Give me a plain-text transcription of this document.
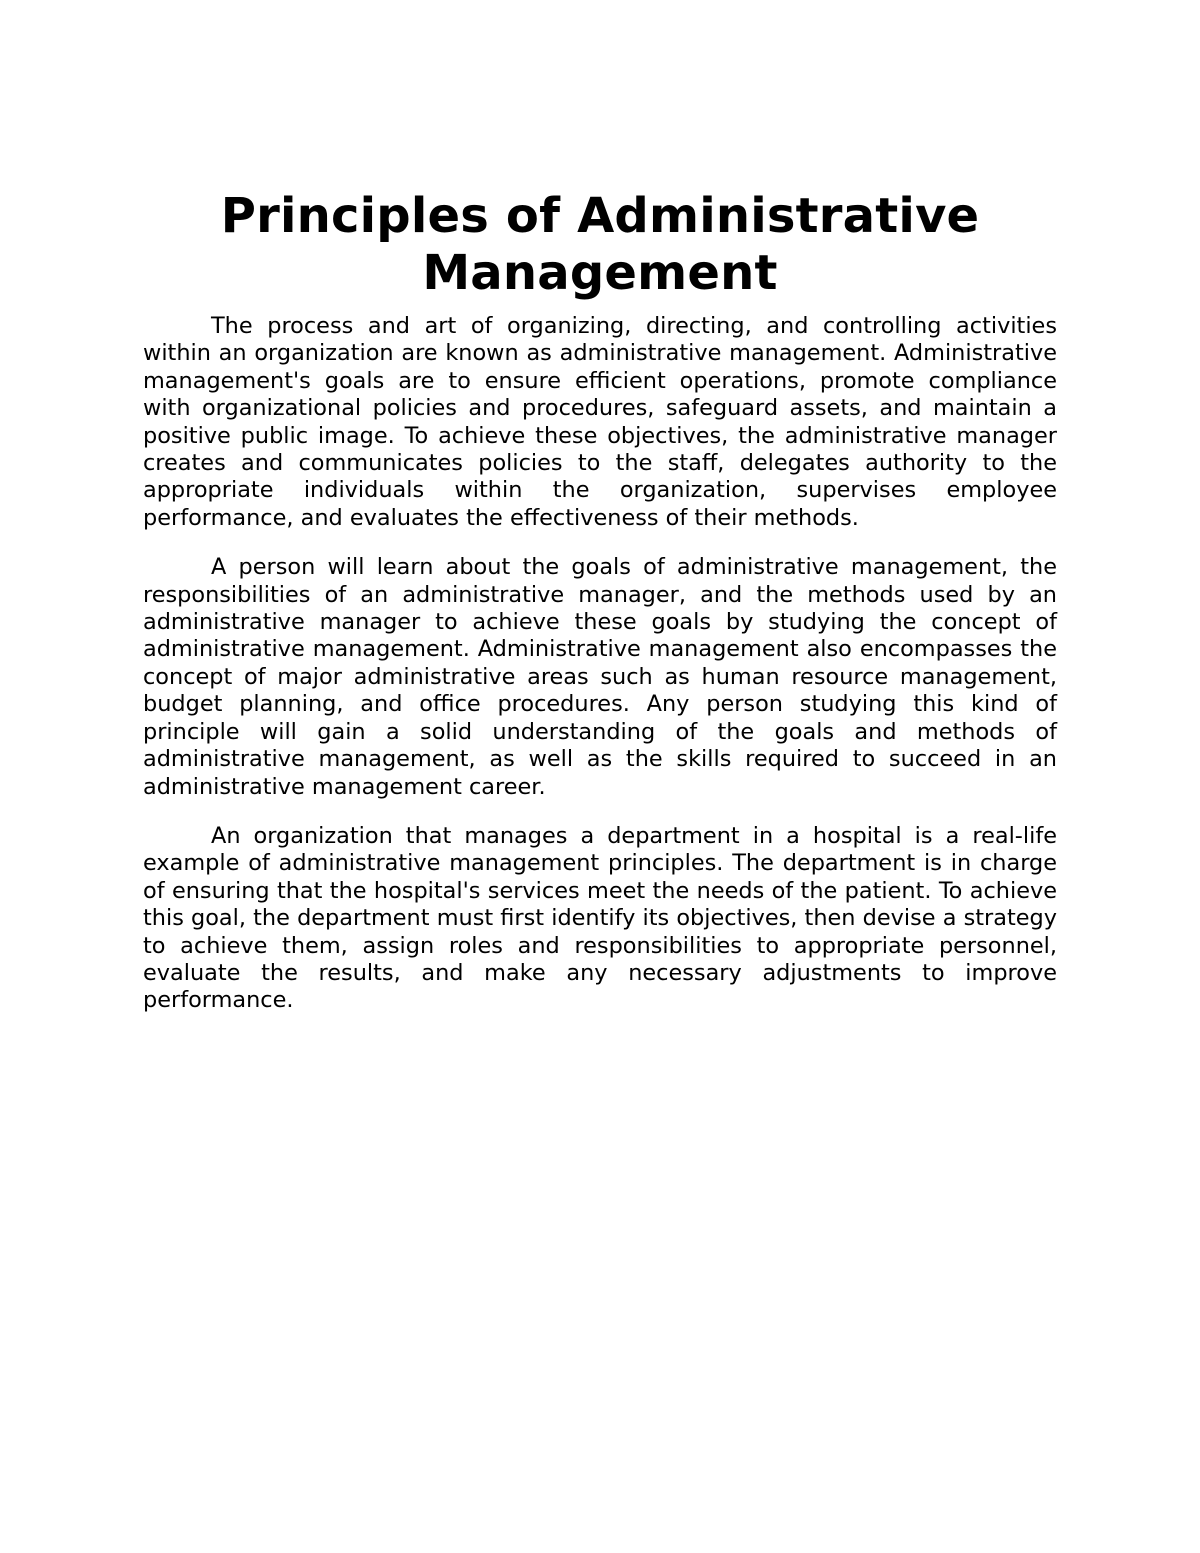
Principles of Administrative Management

The process and art of organizing, directing, and controlling activities within an organization are known as administrative management. Administrative management's goals are to ensure efficient operations, promote compliance with organizational policies and procedures, safeguard assets, and maintain a positive public image. To achieve these objectives, the administrative manager creates and communicates policies to the staff, delegates authority to the appropriate individuals within the organization, supervises employee performance, and evaluates the effectiveness of their methods.

A person will learn about the goals of administrative management, the responsibilities of an administrative manager, and the methods used by an administrative manager to achieve these goals by studying the concept of administrative management. Administrative management also encompasses the concept of major administrative areas such as human resource management, budget planning, and office procedures. Any person studying this kind of principle will gain a solid understanding of the goals and methods of administrative management, as well as the skills required to succeed in an administrative management career.

An organization that manages a department in a hospital is a real-life example of administrative management principles. The department is in charge of ensuring that the hospital's services meet the needs of the patient. To achieve this goal, the department must first identify its objectives, then devise a strategy to achieve them, assign roles and responsibilities to appropriate personnel, evaluate the results, and make any necessary adjustments to improve performance.
